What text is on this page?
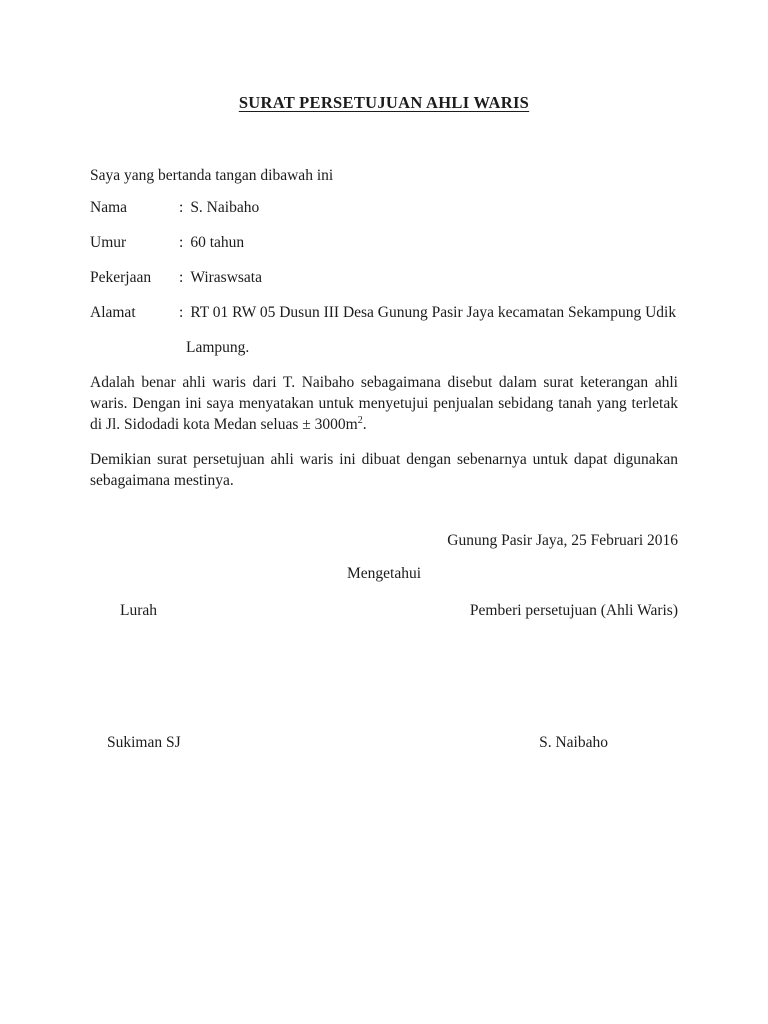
SURAT PERSETUJUAN AHLI WARIS
Saya yang bertanda tangan dibawah ini
Nama	: S. Naibaho
Umur	: 60 tahun
Pekerjaan : Wiraswsata
Alamat	: RT 01 RW 05 Dusun III Desa Gunung Pasir Jaya kecamatan Sekampung Udik
Lampung.

Adalah benar ahli waris dari T. Naibaho sebagaimana disebut dalam surat keterangan ahli waris. Dengan ini saya menyatakan untuk menyetujui penjualan sebidang tanah yang terletak di Jl. Sidodadi kota Medan seluas ± $3000m^2$.

Demikian surat persetujuan ahli waris ini dibuat dengan sebenarnya untuk dapat digunakan sebagaimana mestinya.

Gunung Pasir Jaya, 25 Februari 2016
Mengetahui
Lurah	Pemberi persetujuan (Ahli Waris)
Sukiman SJ	S. Naibaho
